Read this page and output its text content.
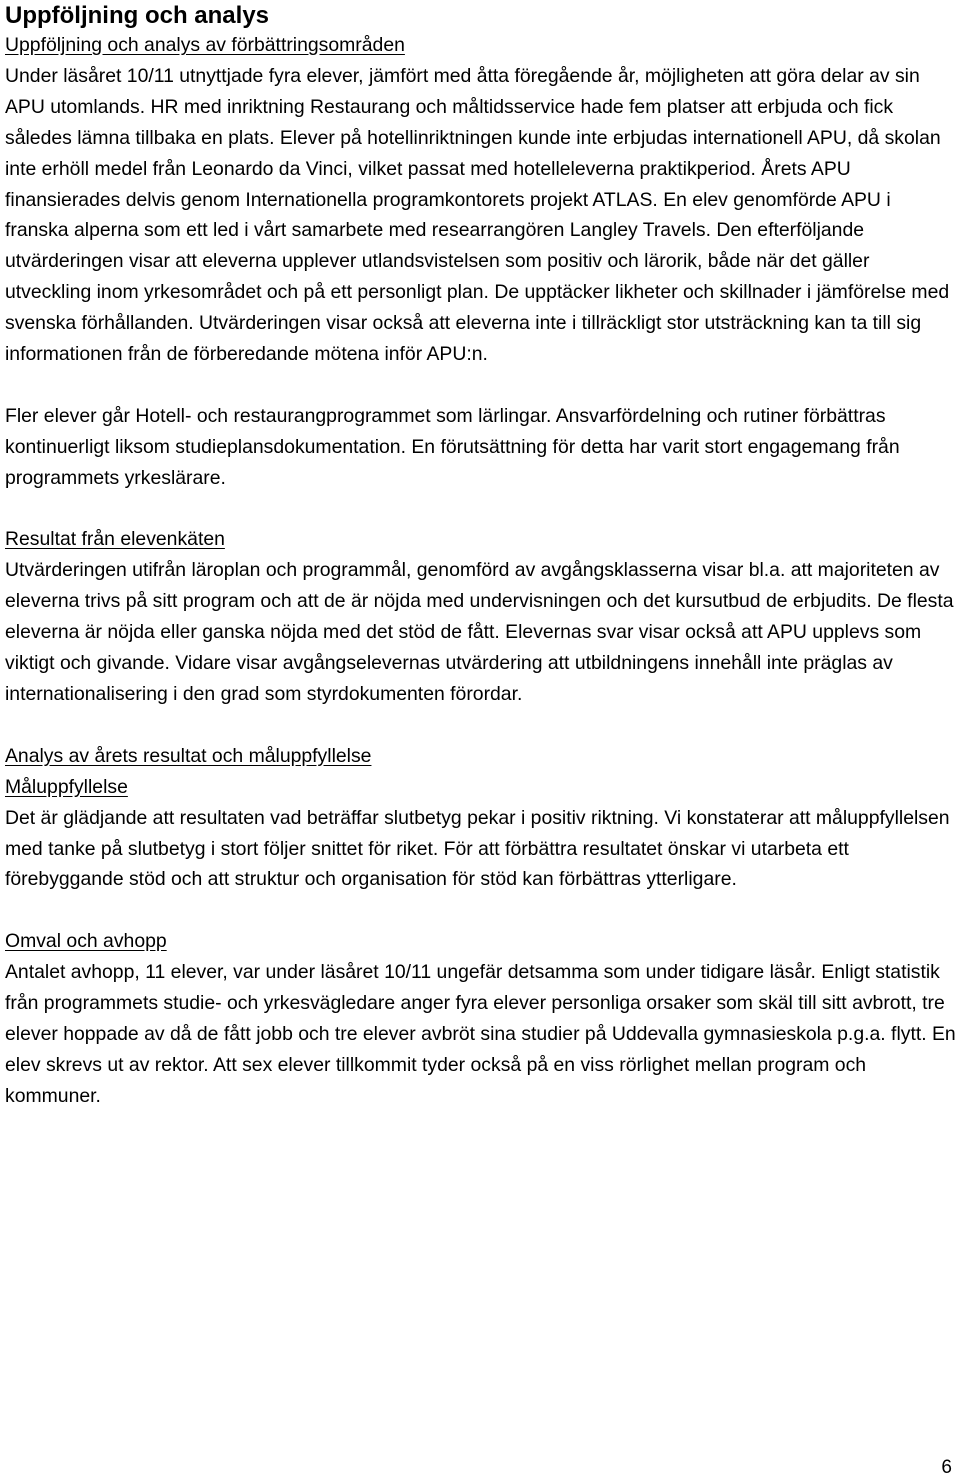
Uppföljning och analys
Uppföljning och analys av förbättringsområden

Under läsåret 10/11 utnyttjade fyra elever, jämfört med åtta föregående år, möjligheten att göra delar av sin APU utomlands. HR med inriktning Restaurang och måltidsservice hade fem platser att erbjuda och fick således lämna tillbaka en plats. Elever på hotellinriktningen kunde inte erbjudas internationell APU, då skolan inte erhöll medel från Leonardo da Vinci, vilket passat med hotelleleverna praktikperiod. Årets APU finansierades delvis genom Internationella programkontorets projekt ATLAS. En elev genomförde APU i franska alperna som ett led i vårt samarbete med researrangören Langley Travels. Den efterföljande utvärderingen visar att eleverna upplever utlandsvistelsen som positiv och lärorik, både när det gäller utveckling inom yrkesområdet och på ett personligt plan. De upptäcker likheter och skillnader i jämförelse med svenska förhållanden. Utvärderingen visar också att eleverna inte i tillräckligt stor utsträckning kan ta till sig informationen från de förberedande mötena inför APU:n.

Fler elever går Hotell- och restaurangprogrammet som lärlingar. Ansvarfördelning och rutiner förbättras kontinuerligt liksom studieplansdokumentation. En förutsättning för detta har varit stort engagemang från programmets yrkeslärare.

Resultat från elevenkäten

Utvärderingen utifrån läroplan och programmål, genomförd av avgångsklasserna visar bl.a. att majoriteten av eleverna trivs på sitt program och att de är nöjda med undervisningen och det kursutbud de erbjudits. De flesta eleverna är nöjda eller ganska nöjda med det stöd de fått. Elevernas svar visar också att APU upplevs som viktigt och givande. Vidare visar avgångselevernas utvärdering att utbildningens innehåll inte präglas av internationalisering i den grad som styrdokumenten förordar.

Analys av årets resultat och måluppfyllelse
Måluppfyllelse

Det är glädjande att resultaten vad beträffar slutbetyg pekar i positiv riktning. Vi konstaterar att måluppfyllelsen med tanke på slutbetyg i stort följer snittet för riket. För att förbättra resultatet önskar vi utarbeta ett förebyggande stöd och att struktur och organisation för stöd kan förbättras ytterligare.

Omval och avhopp

Antalet avhopp, 11 elever, var under läsåret 10/11 ungefär detsamma som under tidigare läsår. Enligt statistik från programmets studie- och yrkesvägledare anger fyra elever personliga orsaker som skäl till sitt avbrott, tre elever hoppade av då de fått jobb och tre elever avbröt sina studier på Uddevalla gymnasieskola p.g.a. flytt. En elev skrevs ut av rektor. Att sex elever tillkommit tyder också på en viss rörlighet mellan program och kommuner.

6
